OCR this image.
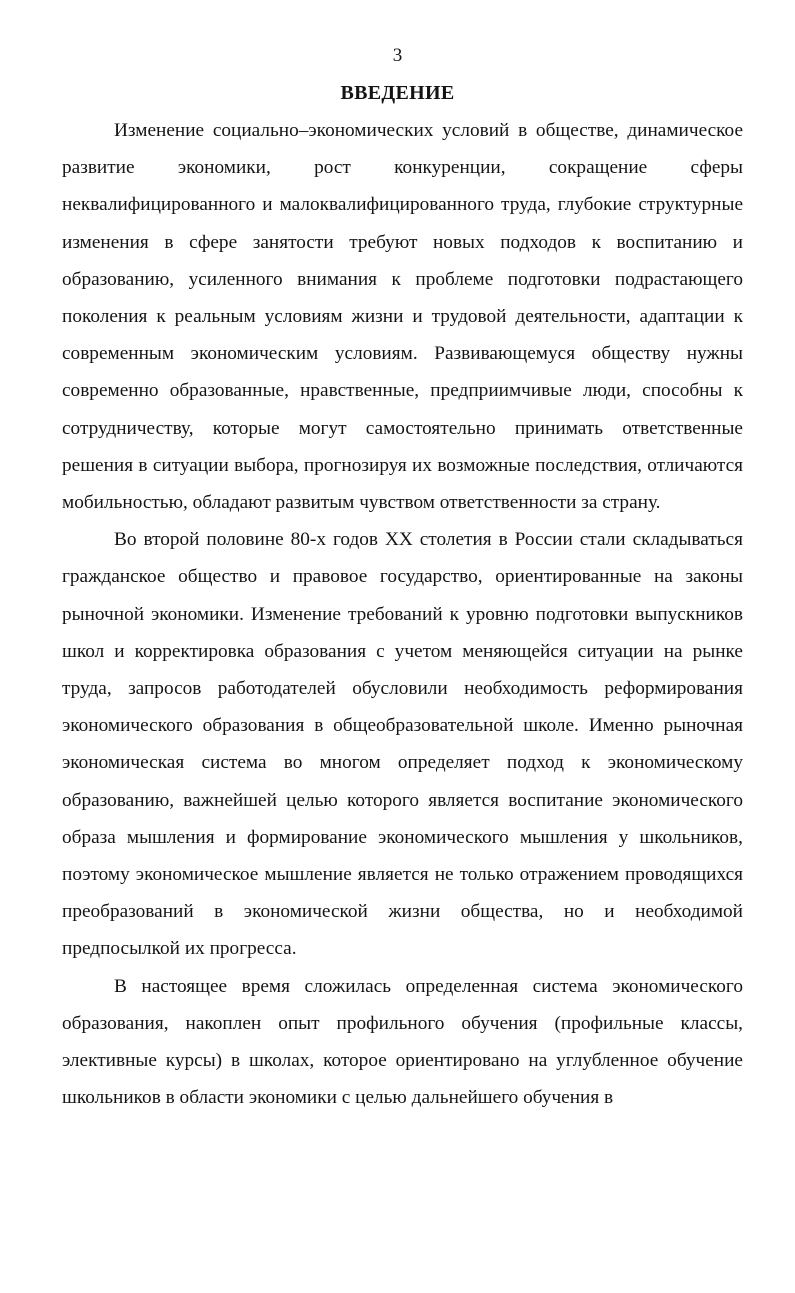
3
ВВЕДЕНИЕ

Изменение социально–экономических условий в обществе, динамическое развитие экономики, рост конкуренции, сокращение сферы неквалифицированного и малоквалифицированного труда, глубокие структурные изменения в сфере занятости требуют новых подходов к воспитанию и образованию, усиленного внимания к проблеме подготовки подрастающего поколения к реальным условиям жизни и трудовой деятельности, адаптации к современным экономическим условиям. Развивающемуся обществу нужны современно образованные, нравственные, предприимчивые люди, способны к сотрудничеству, которые могут самостоятельно принимать ответственные решения в ситуации выбора, прогнозируя их возможные последствия, отличаются мобильностью, обладают развитым чувством ответственности за страну.

Во второй половине 80-х годов XX столетия в России стали складываться гражданское общество и правовое государство, ориентированные на законы рыночной экономики. Изменение требований к уровню подготовки выпускников школ и корректировка образования с учетом меняющейся ситуации на рынке труда, запросов работодателей обусловили необходимость реформирования экономического образования в общеобразовательной школе. Именно рыночная экономическая система во многом определяет подход к экономическому образованию, важнейшей целью которого является воспитание экономического образа мышления и формирование экономического мышления у школьников, поэтому экономическое мышление является не только отражением проводящихся преобразований в экономической жизни общества, но и необходимой предпосылкой их прогресса.

В настоящее время сложилась определенная система экономического образования, накоплен опыт профильного обучения (профильные классы, элективные курсы) в школах, которое ориентировано на углубленное обучение школьников в области экономики с целью дальнейшего обучения в
